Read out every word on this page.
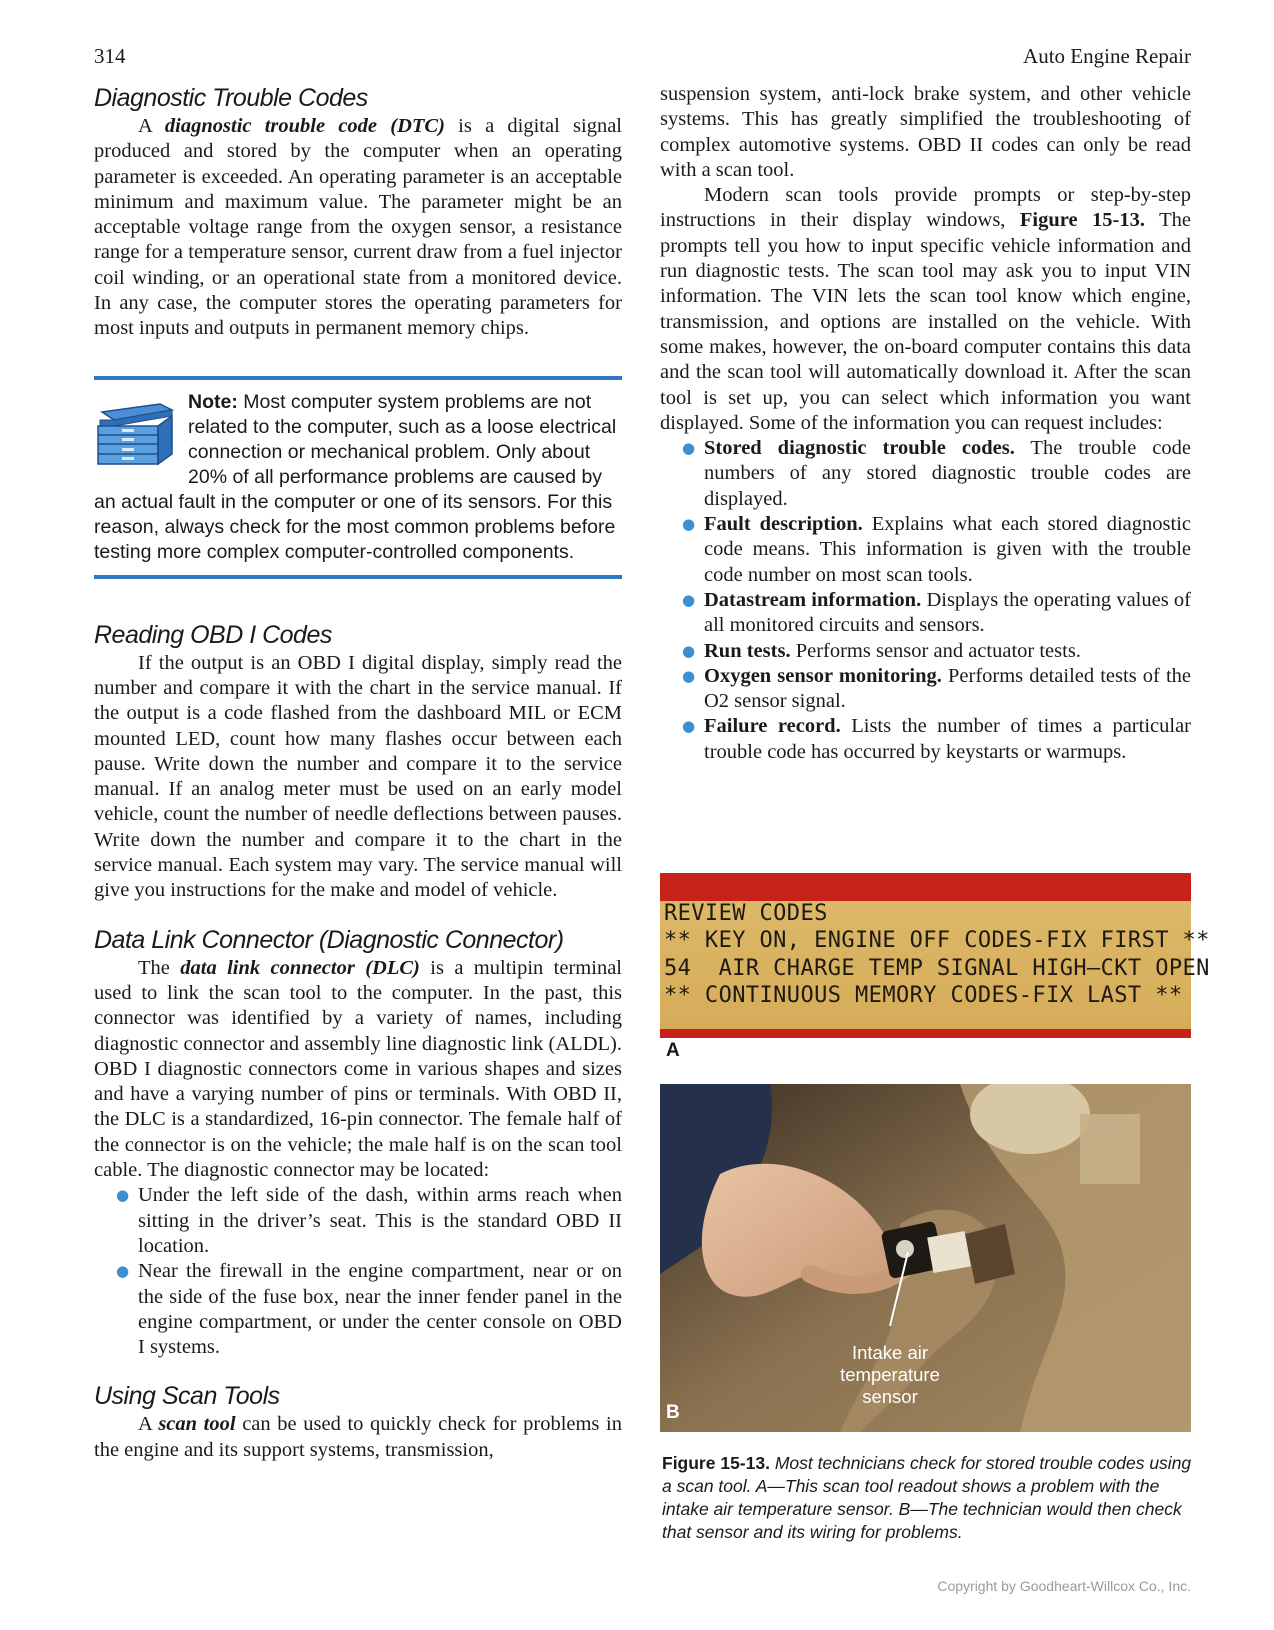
314	Auto Engine Repair
Diagnostic Trouble Codes

A diagnostic trouble code (DTC) is a digital signal produced and stored by the computer when an operating parameter is exceeded. An operating parameter is an acceptable minimum and maximum value. The parameter might be an acceptable voltage range from the oxygen sensor, a resistance range for a temperature sensor, current draw from a fuel injector coil winding, or an operational state from a monitored device. In any case, the computer stores the operating parameters for most inputs and outputs in permanent memory chips.

Note: Most computer system problems are not related to the computer, such as a loose electrical connection or mechanical problem. Only about 20% of all performance problems are caused by an actual fault in the computer or one of its sensors. For this reason, always check for the most common problems before testing more complex computer-controlled components.
Reading OBD I Codes

If the output is an OBD I digital display, simply read the number and compare it with the chart in the service manual. If the output is a code flashed from the dashboard MIL or ECM mounted LED, count how many flashes occur between each pause. Write down the number and compare it to the service manual. If an analog meter must be used on an early model vehicle, count the number of needle deflections between pauses. Write down the number and compare it to the chart in the service manual. Each system may vary. The service manual will give you instructions for the make and model of vehicle.

Data Link Connector (Diagnostic Connector)

The data link connector (DLC) is a multipin terminal used to link the scan tool to the computer. In the past, this connector was identified by a variety of names, including diagnostic connector and assembly line diagnostic link (ALDL). OBD I diagnostic connectors come in various shapes and sizes and have a varying number of pins or terminals. With OBD II, the DLC is a standardized, 16-pin connector. The female half of the connector is on the vehicle; the male half is on the scan tool cable. The diagnostic connector may be located:

● Under the left side of the dash, within arms reach when sitting in the driver’s seat. This is the standard OBD II location.
● Near the firewall in the engine compartment, near or on the side of the fuse box, near the inner fender panel in the engine compartment, or under the center console on OBD I systems.
Using Scan Tools

A scan tool can be used to quickly check for problems in the engine and its support systems, transmission,

suspension system, anti-lock brake system, and other vehicle systems. This has greatly simplified the troubleshooting of complex automotive systems. OBD II codes can only be read with a scan tool.

Modern scan tools provide prompts or step-by-step instructions in their display windows, Figure 15-13. The prompts tell you how to input specific vehicle information and run diagnostic tests. The scan tool may ask you to input VIN information. The VIN lets the scan tool know which engine, transmission, and options are installed on the vehicle. With some makes, however, the on-board computer contains this data and the scan tool will automatically download it. After the scan tool is set up, you can select which information you want displayed. Some of the information you can request includes:

● Stored diagnostic trouble codes. The trouble code numbers of any stored diagnostic trouble codes are displayed.
● Fault description. Explains what each stored diagnostic code means. This information is given with the trouble code number on most scan tools.
● Datastream information. Displays the operating values of all monitored circuits and sensors.
● Run tests. Performs sensor and actuator tests.
● Oxygen sensor monitoring. Performs detailed tests of the O2 sensor signal.
● Failure record. Lists the number of times a particular trouble code has occurred by keystarts or warmups.
REVIEW CODES
** KEY ON, ENGINE OFF CODES-FIX FIRST **
54  AIR CHARGE TEMP SIGNAL HIGH—CKT OPEN
** CONTINUOUS MEMORY CODES-FIX LAST **
A
Intake air
temperature sensor
B
Figure 15-13. Most technicians check for stored trouble codes using a scan tool. A—This scan tool readout shows a problem with the intake air temperature sensor. B—The technician would then check that sensor and its wiring for problems.
Copyright by Goodheart-Willcox Co., Inc.
